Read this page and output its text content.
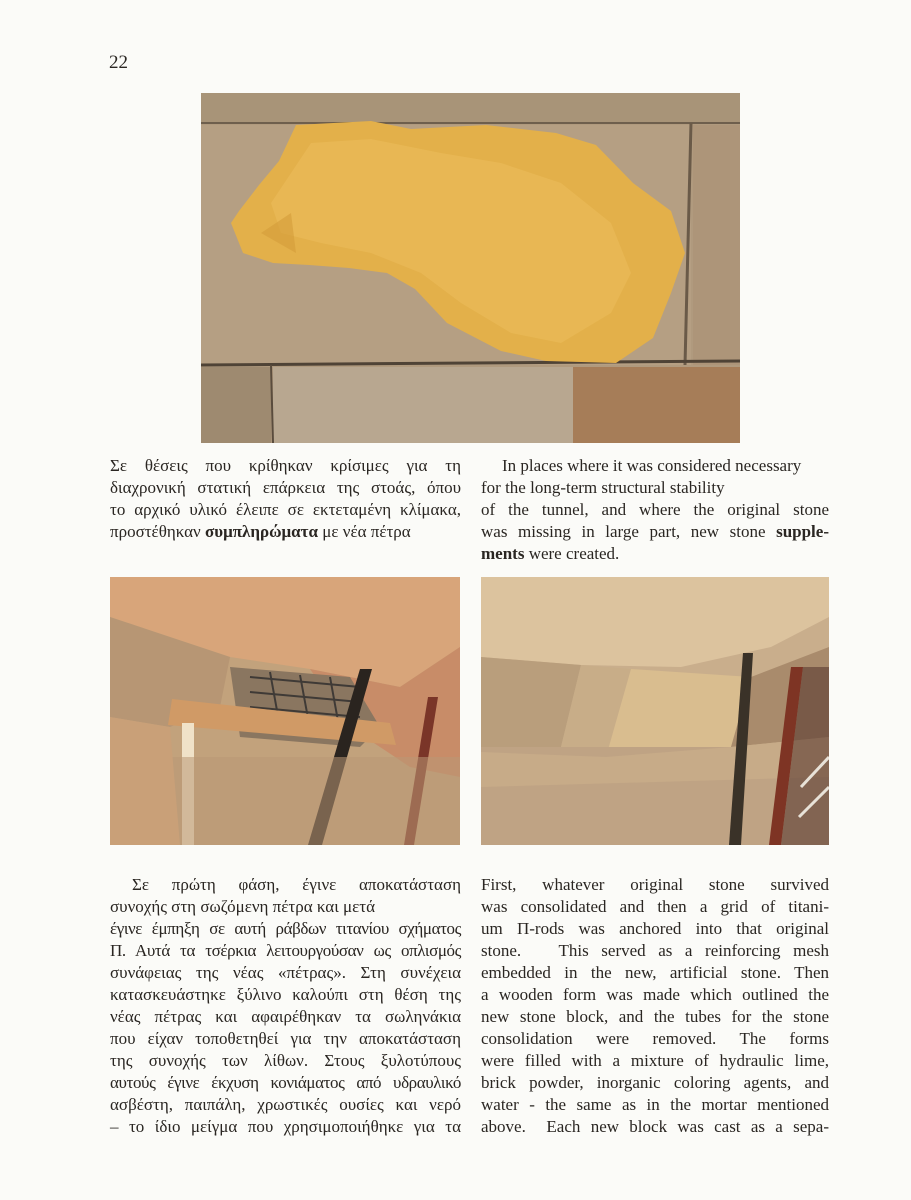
22
Σε θέσεις που κρίθηκαν κρίσιμες για τη
διαχρονική στατική επάρκεια της στοάς, όπου
το αρχικό υλικό έλειπε σε εκτεταμένη κλίμακα,
προστέθηκαν συμπληρώματα με νέα πέτρα
In places where it was considered necessary
for the long-term structural stability
of the tunnel, and where the original stone
was missing in large part, new stone supple-
ments were created.
Σε πρώτη φάση, έγινε αποκατάσταση
συνοχής στη σωζόμενη πέτρα και μετά
έγινε έμπηξη σε αυτή ράβδων τιτανίου σχήματος
Π. Αυτά τα τσέρκια λειτουργούσαν ως οπλισμός
συνάφειας της νέας «πέτρας». Στη συνέχεια
κατασκευάστηκε ξύλινο καλούπι στη θέση της
νέας πέτρας και αφαιρέθηκαν τα σωληνάκια
που είχαν τοποθετηθεί για την αποκατάσταση
της συνοχής των λίθων. Στους ξυλοτύπους
αυτούς έγινε έκχυση κονιάματος από υδραυλικό
ασβέστη, παιπάλη, χρωστικές ουσίες και νερό
– το ίδιο μείγμα που χρησιμοποιήθηκε για τα
First, whatever original stone survived
was consolidated and then a grid of titani-
um Π-rods was anchored into that original
stone.   This served as a reinforcing mesh
embedded in the new, artificial stone. Then
a wooden form was made which outlined the
new stone block, and the tubes for the stone
consolidation were removed. The forms
were filled with a mixture of hydraulic lime,
brick powder, inorganic coloring agents, and
water - the same as in the mortar mentioned
above.  Each new block was cast as a sepa-
